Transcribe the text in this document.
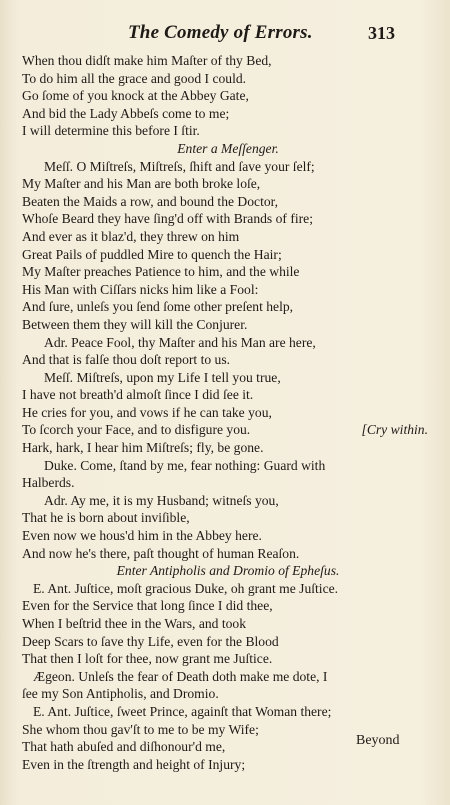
The Comedy of Errors.	313
When thou didſt make him Maſter of thy Bed,
To do him all the grace and good I could.
Go ſome of you knock at the Abbey Gate,
And bid the Lady Abbeſs come to me;
I will determine this before I ſtir.
Enter a Meſſenger.
Meſſ. O Miſtreſs, Miſtreſs, ſhift and ſave your ſelf;
My Maſter and his Man are both broke loſe,
Beaten the Maids a row, and bound the Doctor,
Whoſe Beard they have ſing'd off with Brands of fire;
And ever as it blaz'd, they threw on him
Great Pails of puddled Mire to quench the Hair;
My Maſter preaches Patience to him, and the while
His Man with Ciſſars nicks him like a Fool:
And ſure, unleſs you ſend ſome other preſent help,
Between them they will kill the Conjurer.
Adr. Peace Fool, thy Maſter and his Man are here,
And that is falſe thou doſt report to us.
Meſſ. Miſtreſs, upon my Life I tell you true,
I have not breath'd almoſt ſince I did ſee it.
He cries for you, and vows if he can take you,
[Cry within.
To ſcorch your Face, and to disfigure you.
Hark, hark, I hear him Miſtreſs; fly, be gone.
Duke. Come, ſtand by me, fear nothing: Guard with
Halberds.
Adr. Ay me, it is my Husband; witneſs you,
That he is born about inviſible,
Even now we hous'd him in the Abbey here.
And now he's there, paſt thought of human Reaſon.
Enter Antipholis and Dromio of Epheſus.
E. Ant. Juſtice, moſt gracious Duke, oh grant me Juſtice.
Even for the Service that long ſince I did thee,
When I beſtrid thee in the Wars, and took
Deep Scars to ſave thy Life, even for the Blood
That then I loſt for thee, now grant me Juſtice.
Ægeon. Unleſs the fear of Death doth make me dote, I
ſee my Son Antipholis, and Dromio.
E. Ant. Juſtice, ſweet Prince, againſt that Woman there;
She whom thou gav'ſt to me to be my Wife;
That hath abuſed and diſhonour'd me,
Even in the ſtrength and height of Injury;
Beyond
